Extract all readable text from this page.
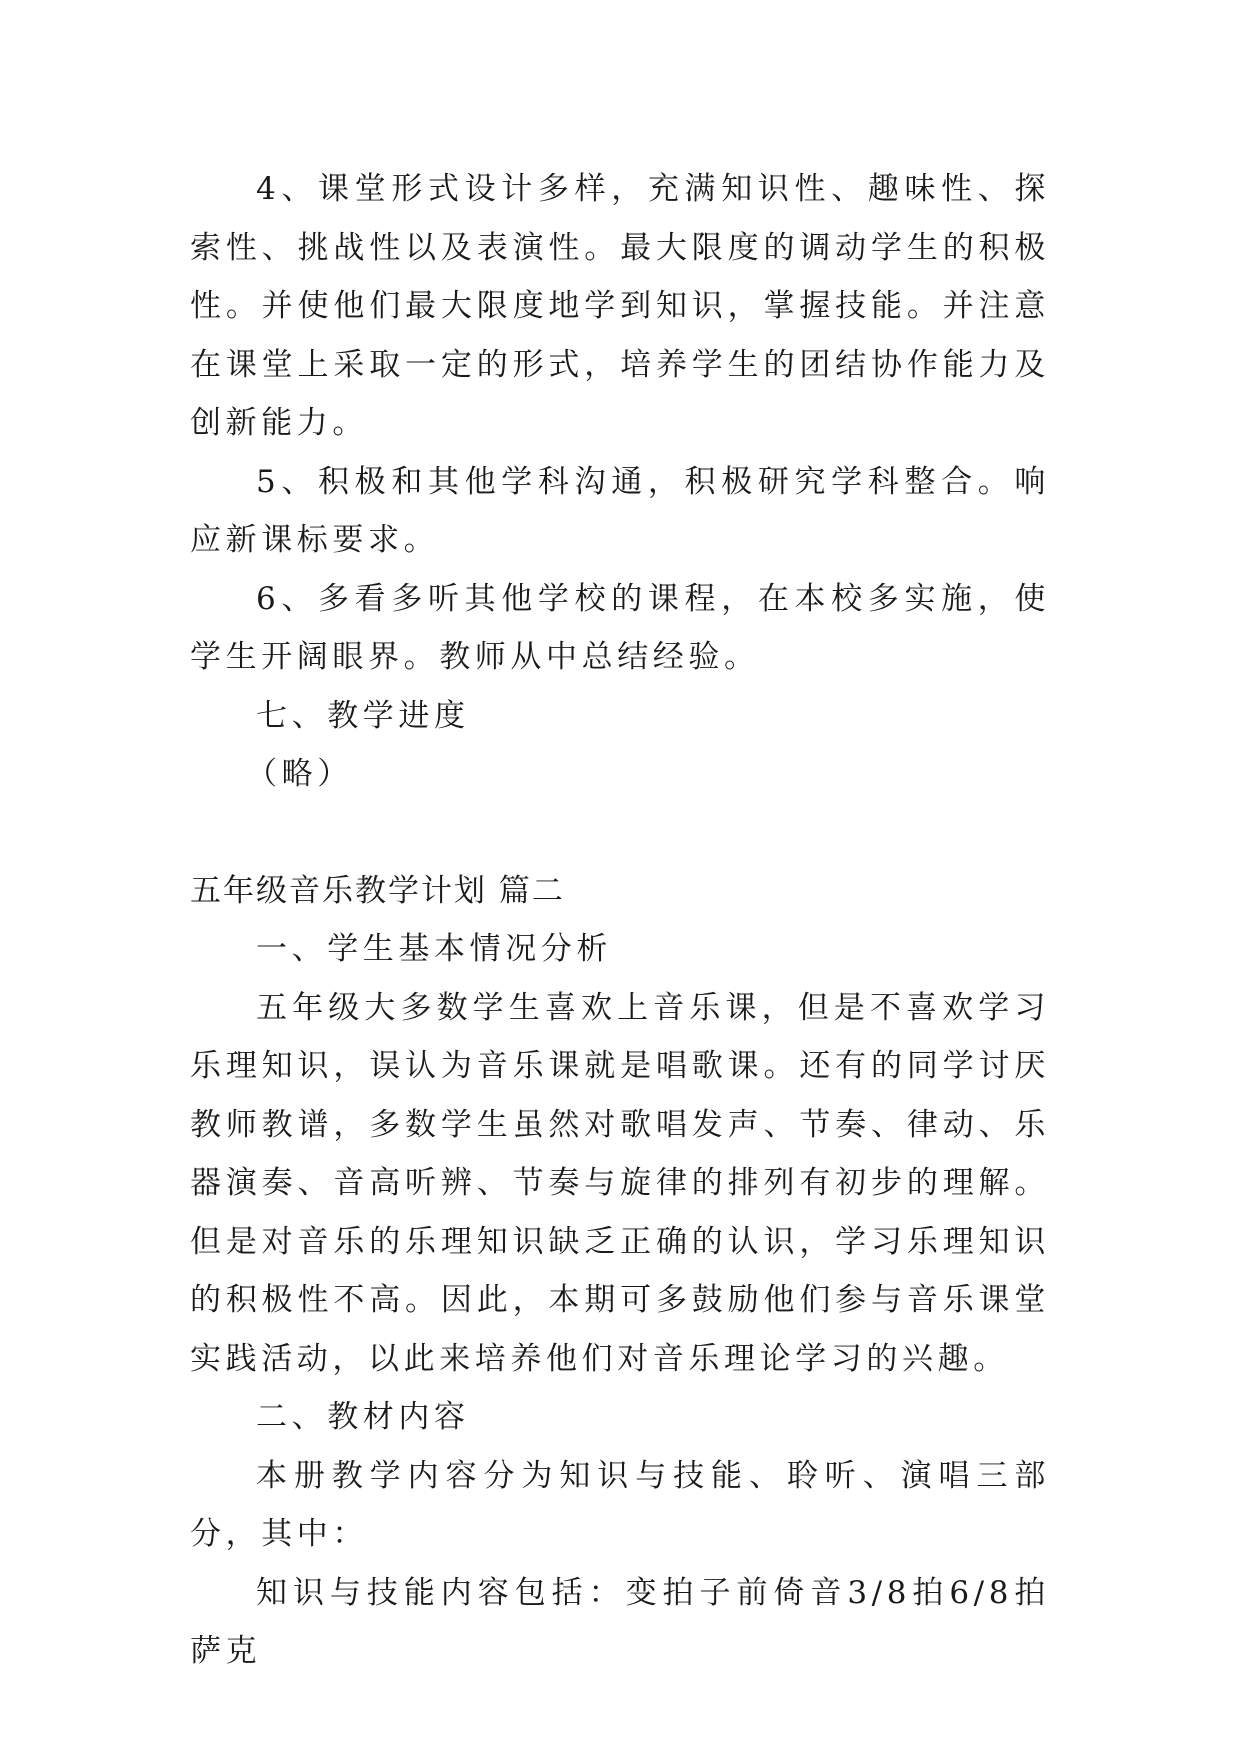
4、课堂形式设计多样，充满知识性、趣味性、探索性、挑战性以及表演性。最大限度的调动学生的积极性。并使他们最大限度地学到知识，掌握技能。并注意在课堂上采取一定的形式，培养学生的团结协作能力及创新能力。

5、积极和其他学科沟通，积极研究学科整合。响应新课标要求。

6、多看多听其他学校的课程，在本校多实施，使学生开阔眼界。教师从中总结经验。

七、教学进度

（略）

五年级音乐教学计划 篇二

一、学生基本情况分析

五年级大多数学生喜欢上音乐课，但是不喜欢学习乐理知识，误认为音乐课就是唱歌课。还有的同学讨厌教师教谱，多数学生虽然对歌唱发声、节奏、律动、乐器演奏、音高听辨、节奏与旋律的排列有初步的理解。但是对音乐的乐理知识缺乏正确的认识，学习乐理知识的积极性不高。因此，本期可多鼓励他们参与音乐课堂实践活动，以此来培养他们对音乐理论学习的兴趣。

二、教材内容

本册教学内容分为知识与技能、聆听、演唱三部分，其中：

知识与技能内容包括：变拍子前倚音3/8拍6/8拍萨克
